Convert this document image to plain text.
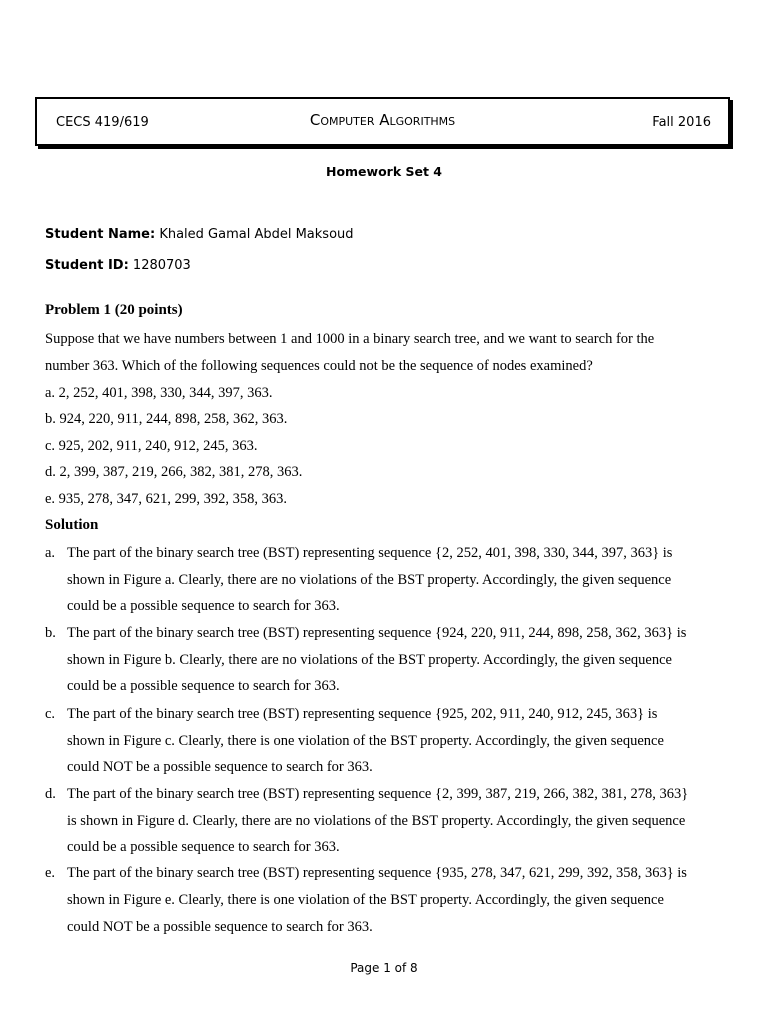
CECS 419/619	Computer Algorithms	Fall 2016
Homework Set 4
Student Name: Khaled Gamal Abdel Maksoud
Student ID: 1280703
Problem 1 (20 points)
Suppose that we have numbers between 1 and 1000 in a binary search tree, and we want to search for the
number 363. Which of the following sequences could not be the sequence of nodes examined?
a. 2, 252, 401, 398, 330, 344, 397, 363.
b. 924, 220, 911, 244, 898, 258, 362, 363.
c. 925, 202, 911, 240, 912, 245, 363.
d. 2, 399, 387, 219, 266, 382, 381, 278, 363.
e. 935, 278, 347, 621, 299, 392, 358, 363.
Solution
a. The part of the binary search tree (BST) representing sequence {2, 252, 401, 398, 330, 344, 397, 363} is
shown in Figure a. Clearly, there are no violations of the BST property. Accordingly, the given sequence
could be a possible sequence to search for 363.
b. The part of the binary search tree (BST) representing sequence {924, 220, 911, 244, 898, 258, 362, 363} is
shown in Figure b. Clearly, there are no violations of the BST property. Accordingly, the given sequence
could be a possible sequence to search for 363.
c. The part of the binary search tree (BST) representing sequence {925, 202, 911, 240, 912, 245, 363} is
shown in Figure c. Clearly, there is one violation of the BST property. Accordingly, the given sequence
could NOT be a possible sequence to search for 363.
d. The part of the binary search tree (BST) representing sequence {2, 399, 387, 219, 266, 382, 381, 278, 363}
is shown in Figure d. Clearly, there are no violations of the BST property. Accordingly, the given sequence
could be a possible sequence to search for 363.
e. The part of the binary search tree (BST) representing sequence {935, 278, 347, 621, 299, 392, 358, 363} is
shown in Figure e. Clearly, there is one violation of the BST property. Accordingly, the given sequence
could NOT be a possible sequence to search for 363.
Page 1 of 8
